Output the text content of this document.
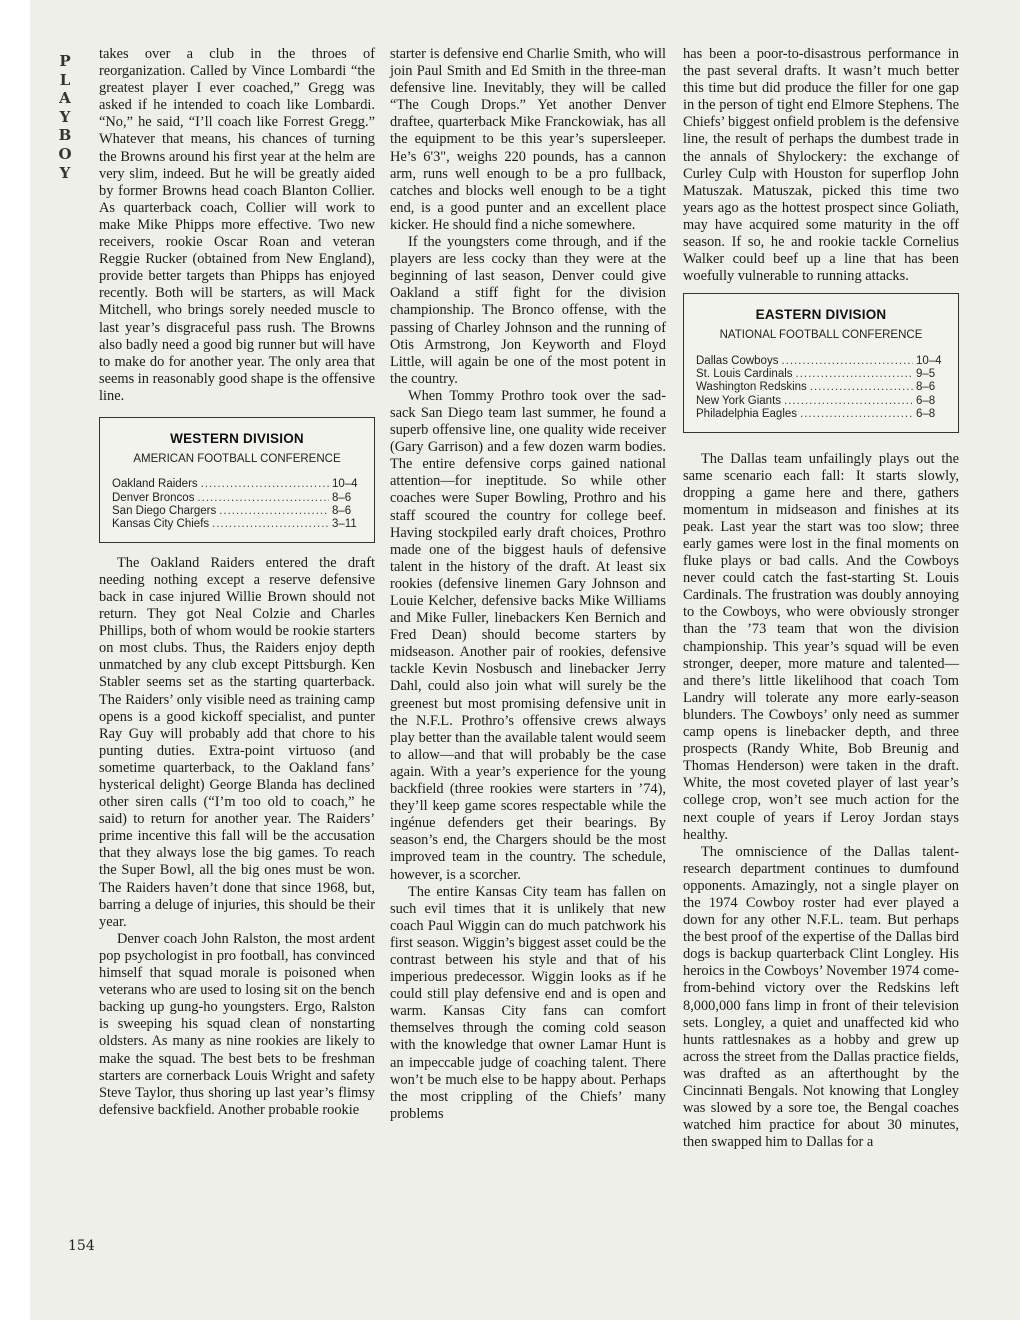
P
L
A
Y
B
O
Y
154

takes over a club in the throes of reorganization. Called by Vince Lombardi “the greatest player I ever coached,” Gregg was asked if he intended to coach like Lombardi. “No,” he said, “I’ll coach like Forrest Gregg.” Whatever that means, his chances of turning the Browns around his first year at the helm are very slim, indeed. But he will be greatly aided by former Browns head coach Blanton Collier. As quarterback coach, Collier will work to make Mike Phipps more effective. Two new receivers, rookie Oscar Roan and veteran Reggie Rucker (obtained from New England), provide better targets than Phipps has enjoyed recently. Both will be starters, as will Mack Mitchell, who brings sorely needed muscle to last year’s disgraceful pass rush. The Browns also badly need a good big runner but will have to make do for another year. The only area that seems in reasonably good shape is the offensive line.

WESTERN DIVISION
AMERICAN FOOTBALL CONFERENCE
Oakland Raiders .....	10–4
Denver Broncos .....	8–6
San Diego Chargers .....	8–6
Kansas City Chiefs .....	3–11

The Oakland Raiders entered the draft needing nothing except a reserve defensive back in case injured Willie Brown should not return. They got Neal Colzie and Charles Phillips, both of whom would be rookie starters on most clubs. Thus, the Raiders enjoy depth unmatched by any club except Pittsburgh. Ken Stabler seems set as the starting quarterback. The Raiders’ only visible need as training camp opens is a good kickoff specialist, and punter Ray Guy will probably add that chore to his punting duties. Extra-point virtuoso (and sometime quarterback, to the Oakland fans’ hysterical delight) George Blanda has declined other siren calls (“I’m too old to coach,” he said) to return for another year. The Raiders’ prime incentive this fall will be the accusation that they always lose the big games. To reach the Super Bowl, all the big ones must be won. The Raiders haven’t done that since 1968, but, barring a deluge of injuries, this should be their year.

Denver coach John Ralston, the most ardent pop psychologist in pro football, has convinced himself that squad morale is poisoned when veterans who are used to losing sit on the bench backing up gung-ho youngsters. Ergo, Ralston is sweeping his squad clean of nonstarting oldsters. As many as nine rookies are likely to make the squad. The best bets to be freshman starters are cornerback Louis Wright and safety Steve Taylor, thus shoring up last year’s flimsy defensive backfield. Another probable rookie

starter is defensive end Charlie Smith, who will join Paul Smith and Ed Smith in the three-man defensive line. Inevitably, they will be called “The Cough Drops.” Yet another Denver draftee, quarterback Mike Franckowiak, has all the equipment to be this year’s supersleeper. He’s 6'3", weighs 220 pounds, has a cannon arm, runs well enough to be a pro fullback, catches and blocks well enough to be a tight end, is a good punter and an excellent place kicker. He should find a niche somewhere.

If the youngsters come through, and if the players are less cocky than they were at the beginning of last season, Denver could give Oakland a stiff fight for the division championship. The Bronco offense, with the passing of Charley Johnson and the running of Otis Armstrong, Jon Keyworth and Floyd Little, will again be one of the most potent in the country.

When Tommy Prothro took over the sad-sack San Diego team last summer, he found a superb offensive line, one quality wide receiver (Gary Garrison) and a few dozen warm bodies. The entire defensive corps gained national attention—for ineptitude. So while other coaches were Super Bowling, Prothro and his staff scoured the country for college beef. Having stockpiled early draft choices, Prothro made one of the biggest hauls of defensive talent in the history of the draft. At least six rookies (defensive linemen Gary Johnson and Louie Kelcher, defensive backs Mike Williams and Mike Fuller, linebackers Ken Bernich and Fred Dean) should become starters by midseason. Another pair of rookies, defensive tackle Kevin Nosbusch and linebacker Jerry Dahl, could also join what will surely be the greenest but most promising defensive unit in the N.F.L. Prothro’s offensive crews always play better than the available talent would seem to allow—and that will probably be the case again. With a year’s experience for the young backfield (three rookies were starters in ’74), they’ll keep game scores respectable while the ingénue defenders get their bearings. By season’s end, the Chargers should be the most improved team in the country. The schedule, however, is a scorcher.

The entire Kansas City team has fallen on such evil times that it is unlikely that new coach Paul Wiggin can do much patchwork his first season. Wiggin’s biggest asset could be the contrast between his style and that of his imperious predecessor. Wiggin looks as if he could still play defensive end and is open and warm. Kansas City fans can comfort themselves through the coming cold season with the knowledge that owner Lamar Hunt is an impeccable judge of coaching talent. There won’t be much else to be happy about. Perhaps the most crippling of the Chiefs’ many problems

has been a poor-to-disastrous performance in the past several drafts. It wasn’t much better this time but did produce the filler for one gap in the person of tight end Elmore Stephens. The Chiefs’ biggest onfield problem is the defensive line, the result of perhaps the dumbest trade in the annals of Shylockery: the exchange of Curley Culp with Houston for superflop John Matuszak. Matuszak, picked this time two years ago as the hottest prospect since Goliath, may have acquired some maturity in the off season. If so, he and rookie tackle Cornelius Walker could beef up a line that has been woefully vulnerable to running attacks.

EASTERN DIVISION
NATIONAL FOOTBALL CONFERENCE
Dallas Cowboys .....	10–4
St. Louis Cardinals .....	9–5
Washington Redskins .....	8–6
New York Giants .....	6–8
Philadelphia Eagles .....	6–8

The Dallas team unfailingly plays out the same scenario each fall: It starts slowly, dropping a game here and there, gathers momentum in midseason and finishes at its peak. Last year the start was too slow; three early games were lost in the final moments on fluke plays or bad calls. And the Cowboys never could catch the fast-starting St. Louis Cardinals. The frustration was doubly annoying to the Cowboys, who were obviously stronger than the ’73 team that won the division championship. This year’s squad will be even stronger, deeper, more mature and talented—and there’s little likelihood that coach Tom Landry will tolerate any more early-season blunders. The Cowboys’ only need as summer camp opens is linebacker depth, and three prospects (Randy White, Bob Breunig and Thomas Henderson) were taken in the draft. White, the most coveted player of last year’s college crop, won’t see much action for the next couple of years if Leroy Jordan stays healthy.

The omniscience of the Dallas talent-research department continues to dumfound opponents. Amazingly, not a single player on the 1974 Cowboy roster had ever played a down for any other N.F.L. team. But perhaps the best proof of the expertise of the Dallas bird dogs is backup quarterback Clint Longley. His heroics in the Cowboys’ November 1974 come-from-behind victory over the Redskins left 8,000,000 fans limp in front of their television sets. Longley, a quiet and unaffected kid who hunts rattlesnakes as a hobby and grew up across the street from the Dallas practice fields, was drafted as an afterthought by the Cincinnati Bengals. Not knowing that Longley was slowed by a sore toe, the Bengal coaches watched him practice for about 30 minutes, then swapped him to Dallas for a
